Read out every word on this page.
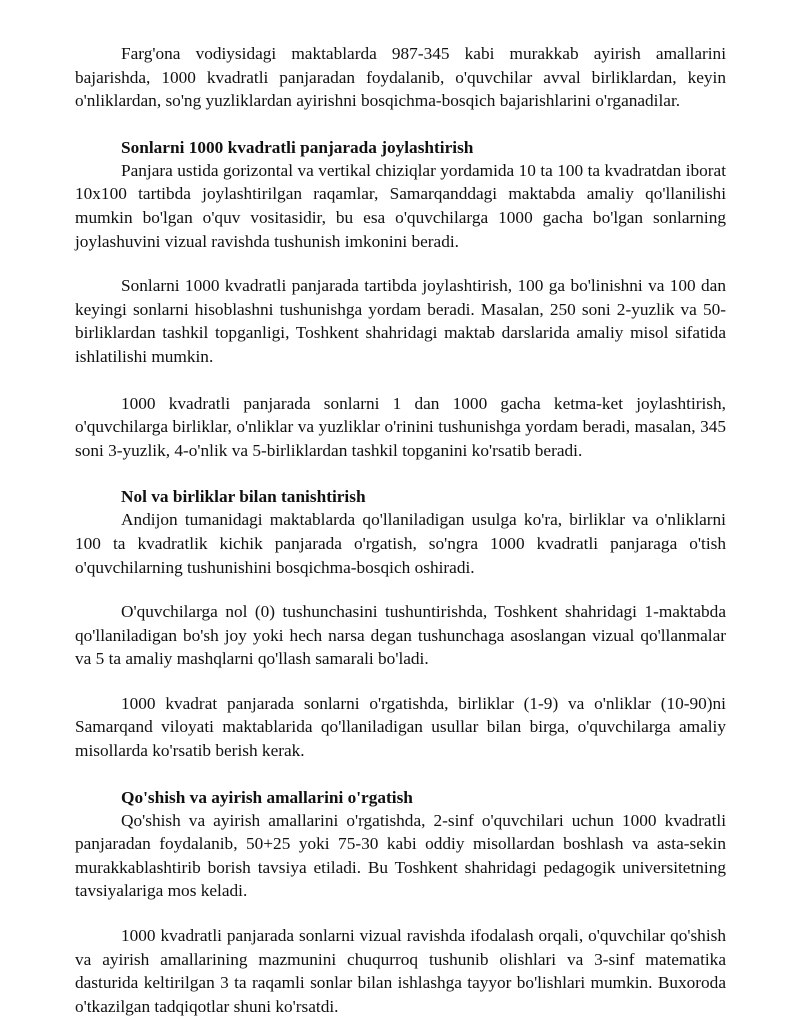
Farg'ona vodiysidagi maktablarda 987-345 kabi murakkab ayirish amallarini bajarishda, 1000 kvadratli panjaradan foydalanib, o'quvchilar avval birliklardan, keyin o'nliklardan, so'ng yuzliklardan ayirishni bosqichma-bosqich bajarishlarini o'rganadilar.

Sonlarni 1000 kvadratli panjarada joylashtirish

Panjara ustida gorizontal va vertikal chiziqlar yordamida 10 ta 100 ta kvadratdan iborat 10x100 tartibda joylashtirilgan raqamlar, Samarqanddagi maktabda amaliy qo'llanilishi mumkin bo'lgan o'quv vositasidir, bu esa o'quvchilarga 1000 gacha bo'lgan sonlarning joylashuvini vizual ravishda tushunish imkonini beradi.

Sonlarni 1000 kvadratli panjarada tartibda joylashtirish, 100 ga bo'linishni va 100 dan keyingi sonlarni hisoblashni tushunishga yordam beradi. Masalan, 250 soni 2-yuzlik va 50-birliklardan tashkil topganligi, Toshkent shahridagi maktab darslarida amaliy misol sifatida ishlatilishi mumkin.

1000 kvadratli panjarada sonlarni 1 dan 1000 gacha ketma-ket joylashtirish, o'quvchilarga birliklar, o'nliklar va yuzliklar o'rinini tushunishga yordam beradi, masalan, 345 soni 3-yuzlik, 4-o'nlik va 5-birliklardan tashkil topganini ko'rsatib beradi.

Nol va birliklar bilan tanishtirish

Andijon tumanidagi maktablarda qo'llaniladigan usulga ko'ra, birliklar va o'nliklarni 100 ta kvadratlik kichik panjarada o'rgatish, so'ngra 1000 kvadratli panjaraga o'tish o'quvchilarning tushunishini bosqichma-bosqich oshiradi.

O'quvchilarga nol (0) tushunchasini tushuntirishda, Toshkent shahridagi 1-maktabda qo'llaniladigan bo'sh joy yoki hech narsa degan tushunchaga asoslangan vizual qo'llanmalar va 5 ta amaliy mashqlarni qo'llash samarali bo'ladi.

1000 kvadrat panjarada sonlarni o'rgatishda, birliklar (1-9) va o'nliklar (10-90)ni Samarqand viloyati maktablarida qo'llaniladigan usullar bilan birga, o'quvchilarga amaliy misollarda ko'rsatib berish kerak.

Qo'shish va ayirish amallarini o'rgatish

Qo'shish va ayirish amallarini o'rgatishda, 2-sinf o'quvchilari uchun 1000 kvadratli panjaradan foydalanib, 50+25 yoki 75-30 kabi oddiy misollardan boshlash va asta-sekin murakkablashtirib borish tavsiya etiladi. Bu Toshkent shahridagi pedagogik universitetning tavsiyalariga mos keladi.

1000 kvadratli panjarada sonlarni vizual ravishda ifodalash orqali, o'quvchilar qo'shish va ayirish amallarining mazmunini chuqurroq tushunib olishlari va 3-sinf matematika dasturida keltirilgan 3 ta raqamli sonlar bilan ishlashga tayyor bo'lishlari mumkin. Buxoroda o'tkazilgan tadqiqotlar shuni ko'rsatdi.
